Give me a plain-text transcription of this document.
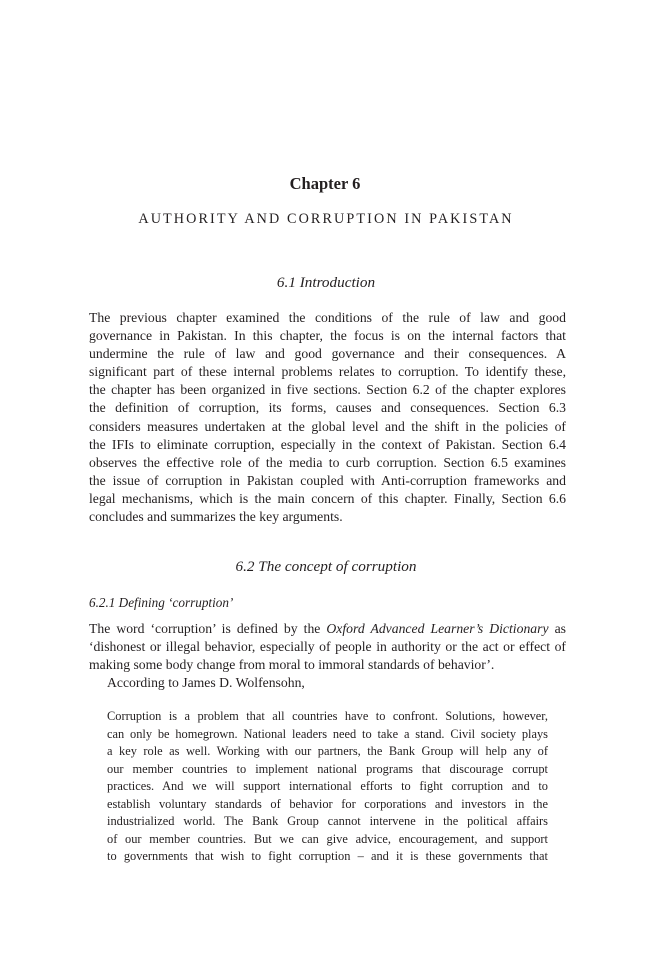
Chapter 6
AUTHORITY AND CORRUPTION IN PAKISTAN
6.1 Introduction
The previous chapter examined the conditions of the rule of law and good
governance in Pakistan. In this chapter, the focus is on the internal factors that
undermine the rule of law and good governance and their consequences. A
significant part of these internal problems relates to corruption. To identify these,
the chapter has been organized in five sections. Section 6.2 of the chapter explores
the definition of corruption, its forms, causes and consequences. Section 6.3
considers measures undertaken at the global level and the shift in the policies of
the IFIs to eliminate corruption, especially in the context of Pakistan. Section 6.4
observes the effective role of the media to curb corruption. Section 6.5 examines
the issue of corruption in Pakistan coupled with Anti-corruption frameworks and
legal mechanisms, which is the main concern of this chapter. Finally, Section 6.6
concludes and summarizes the key arguments.
6.2 The concept of corruption
6.2.1 Defining ‘corruption’
The word ‘corruption’ is defined by the Oxford Advanced Learner’s Dictionary as
‘dishonest or illegal behavior, especially of people in authority or the act or effect of
making some body change from moral to immoral standards of behavior’.
According to James D. Wolfensohn,
Corruption is a problem that all countries have to confront. Solutions, however,
can only be homegrown. National leaders need to take a stand. Civil society plays
a key role as well. Working with our partners, the Bank Group will help any of
our member countries to implement national programs that discourage corrupt
practices. And we will support international efforts to fight corruption and to
establish voluntary standards of behavior for corporations and investors in the
industrialized world. The Bank Group cannot intervene in the political affairs
of our member countries. But we can give advice, encouragement, and support
to governments that wish to fight corruption – and it is these governments that
